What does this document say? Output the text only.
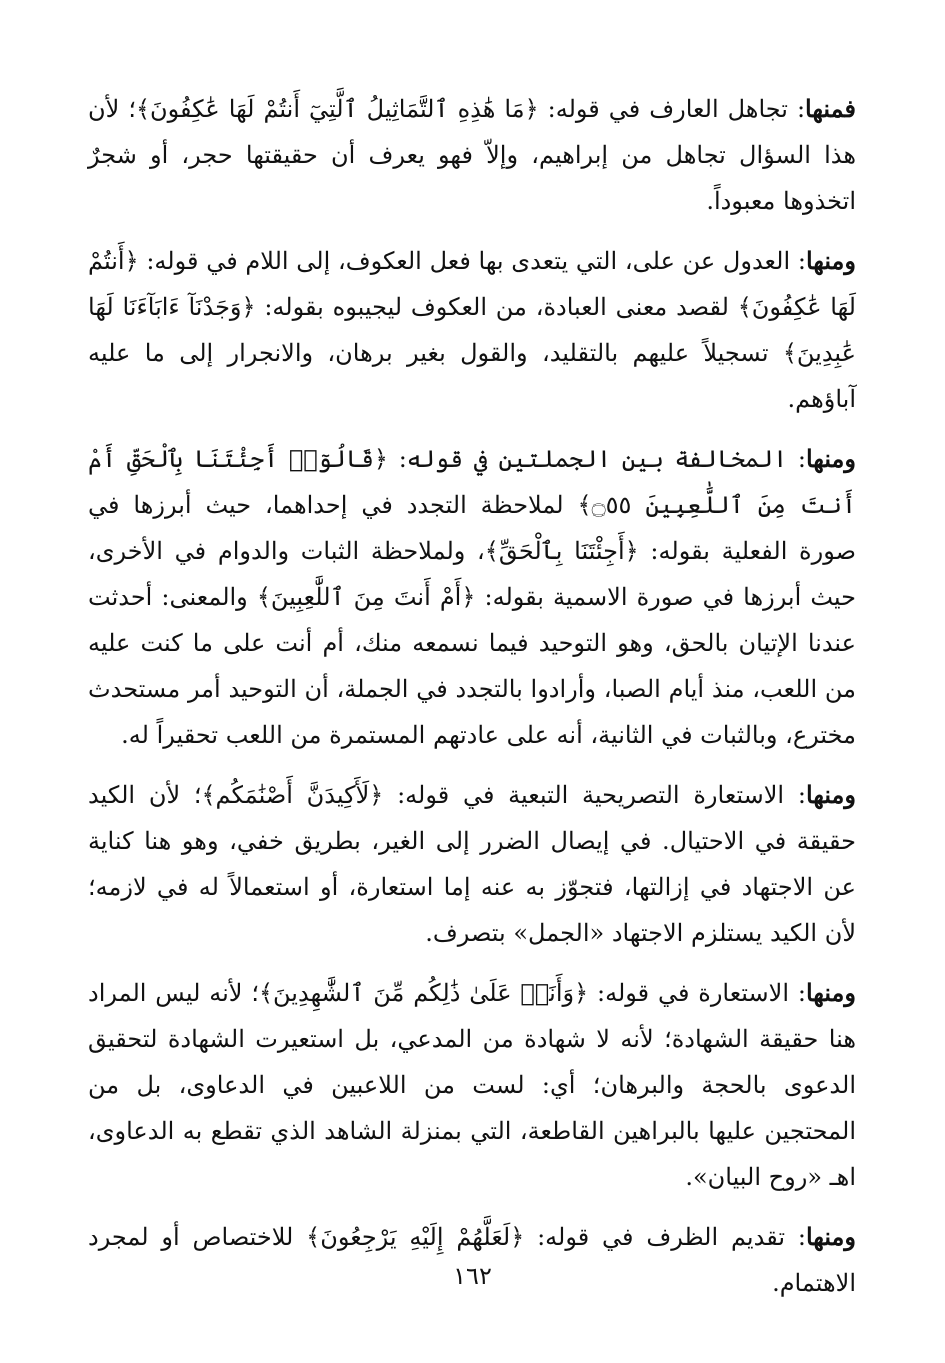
فمنها: تجاهل العارف في قوله: ﴿مَا هَٰذِهِ ٱلتَّمَاثِيلُ ٱلَّتِيٓ أَنتُمْ لَهَا عَٰكِفُونَ﴾؛ لأن هذا السؤال تجاهل من إبراهيم، وإلاّ فهو يعرف أن حقيقتها حجر، أو شجرٌ اتخذوها معبوداً.

ومنها: العدول عن على، التي يتعدى بها فعل العكوف، إلى اللام في قوله: ﴿أَنتُمْ لَهَا عَٰكِفُونَ﴾ لقصد معنى العبادة، من العكوف ليجيبوه بقوله: ﴿وَجَدْنَآ ءَابَآءَنَا لَهَا عَٰبِدِينَ﴾ تسجيلاً عليهم بالتقليد، والقول بغير برهان، والانجرار إلى ما عليه آباؤهم.

ومنها: المخالفة بين الجملتين في قوله: ﴿قَالُوٓا۟ أَجِئْتَنَا بِٱلْحَقِّ أَمْ أَنتَ مِنَ ٱللَّٰعِبِينَ ۝٥٥﴾ لملاحظة التجدد في إحداهما، حيث أبرزها في صورة الفعلية بقوله: ﴿أَجِئْتَنَا بِٱلْحَقِّ﴾، ولملاحظة الثبات والدوام في الأخرى، حيث أبرزها في صورة الاسمية بقوله: ﴿أَمْ أَنتَ مِنَ ٱللَّٰعِبِينَ﴾ والمعنى: أحدثت عندنا الإتيان بالحق، وهو التوحيد فيما نسمعه منك، أم أنت على ما كنت عليه من اللعب، منذ أيام الصبا، وأرادوا بالتجدد في الجملة، أن التوحيد أمر مستحدث مخترع، وبالثبات في الثانية، أنه على عادتهم المستمرة من اللعب تحقيراً له.

ومنها: الاستعارة التصريحية التبعية في قوله: ﴿لَأَكِيدَنَّ أَصْنَٰمَكُم﴾؛ لأن الكيد حقيقة في الاحتيال. في إيصال الضرر إلى الغير، بطريق خفي، وهو هنا كناية عن الاجتهاد في إزالتها، فتجوّز به عنه إما استعارة، أو استعمالاً له في لازمه؛ لأن الكيد يستلزم الاجتهاد «الجمل» بتصرف.

ومنها: الاستعارة في قوله: ﴿وَأَنَا۠ عَلَىٰ ذَٰلِكُم مِّنَ ٱلشَّٰهِدِينَ﴾؛ لأنه ليس المراد هنا حقيقة الشهادة؛ لأنه لا شهادة من المدعي، بل استعيرت الشهادة لتحقيق الدعوى بالحجة والبرهان؛ أي: لست من اللاعبين في الدعاوى، بل من المحتجين عليها بالبراهين القاطعة، التي بمنزلة الشاهد الذي تقطع به الدعاوى، اهـ «روح البيان».

ومنها: تقديم الظرف في قوله: ﴿لَعَلَّهُمْ إِلَيْهِ يَرْجِعُونَ﴾ للاختصاص أو لمجرد الاهتمام.

١٦٢
